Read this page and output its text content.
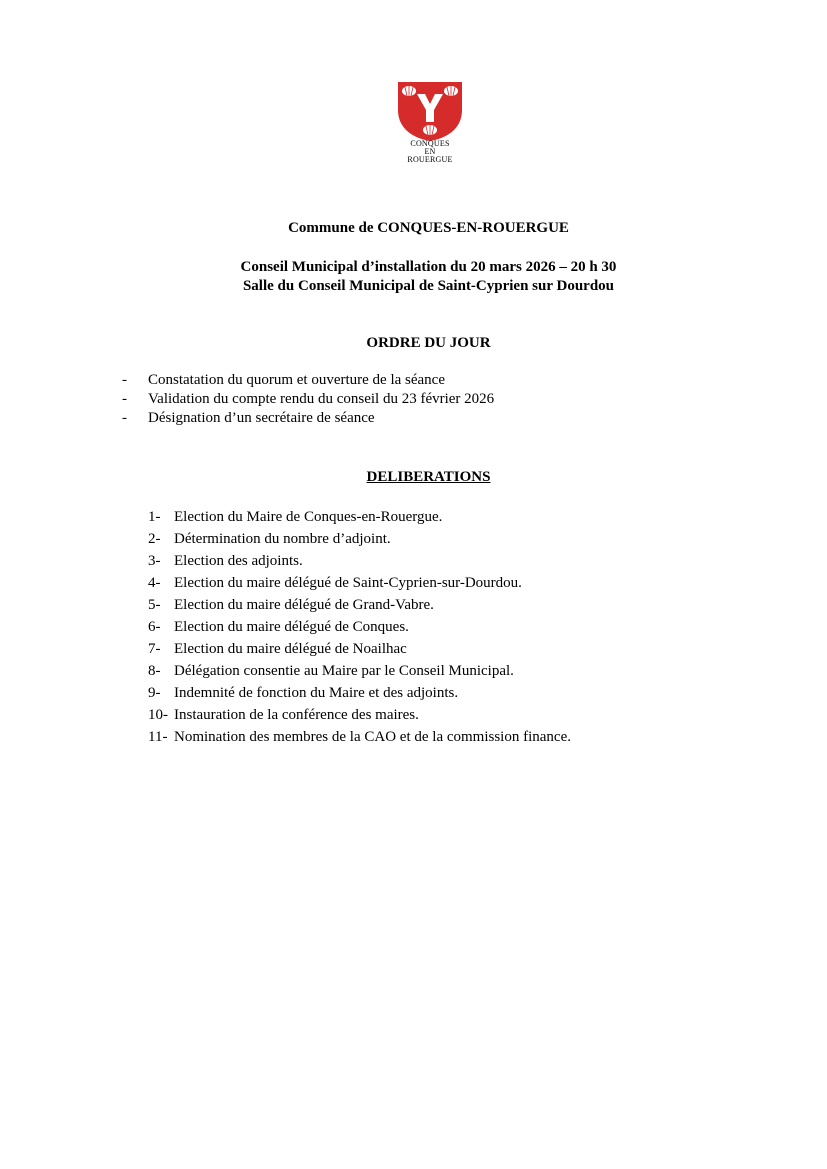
CONQUES
EN
ROUERGUE
Commune de CONQUES-EN-ROUERGUE
Conseil Municipal d’installation du 20 mars 2026 – 20 h 30
Salle du Conseil Municipal de Saint-Cyprien sur Dourdou
ORDRE DU JOUR
- Constatation du quorum et ouverture de la séance
- Validation du compte rendu du conseil du 23 février 2026
- Désignation d’un secrétaire de séance
DELIBERATIONS
1- Election du Maire de Conques-en-Rouergue.
2- Détermination du nombre d’adjoint.
3- Election des adjoints.
4- Election du maire délégué de Saint-Cyprien-sur-Dourdou.
5- Election du maire délégué de Grand-Vabre.
6- Election du maire délégué de Conques.
7- Election du maire délégué de Noailhac
8- Délégation consentie au Maire par le Conseil Municipal.
9- Indemnité de fonction du Maire et des adjoints.
10- Instauration de la conférence des maires.
11- Nomination des membres de la CAO et de la commission finance.
